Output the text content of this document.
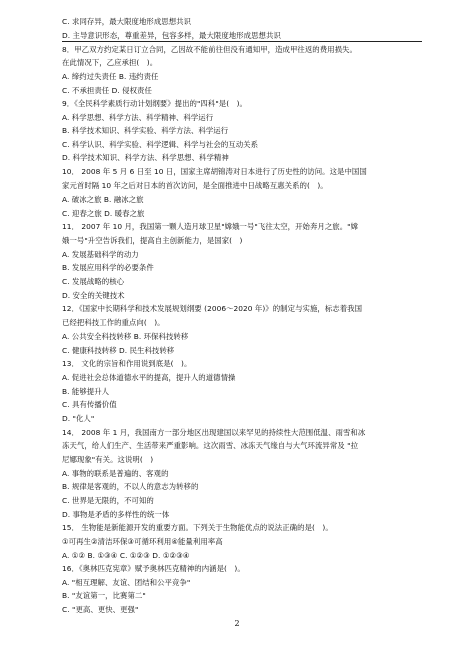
C. 求同存异，最大限度地形成思想共识
D. 主导意识形态，尊重差异，包容多样，最大限度地形成思想共识
8．甲乙双方约定某日订立合同，乙因故不能前往但没有通知甲，造成甲往返的费用损失。
在此情况下，乙应承担(　)。
A. 缔约过失责任 B. 违约责任
C. 不承担责任 D. 侵权责任
9．《全民科学素质行动计划纲要》提出的"四科"是(　)。
A. 科学思想、科学方法、科学精神、科学运行
B. 科学技术知识、科学实验、科学方法、科学运行
C. 科学认识、科学实验、科学逻辑、科学与社会的互动关系
D. 科学技术知识、科学方法、科学思想、科学精神
10． 2008 年 5 月 6 日至 10 日，国家主席胡锦涛对日本进行了历史性的访问。这是中国国
家元首时隔 10 年之后对日本的首次访问，是全面推进中日战略互惠关系的(　)。
A. 破冰之旅 B. 融冰之旅
C. 迎春之旅 D. 暖春之旅
11． 2007 年 10 月，我国第一颗人造月球卫星"嫦娥一号"飞往太空，开始奔月之旅。"嫦
娥一号"升空告诉我们，提高自主创新能力，是国家(　)
A. 发展基础科学的动力
B. 发展应用科学的必要条件
C. 发展战略的核心
D. 安全的关键技术
12．《国家中长期科学和技术发展规划纲要 (2006～2020 年)》的制定与实施，标志着我国
已经把科技工作的重点向(　)。
A. 公共安全科技转移 B. 环保科技转移
C. 健康科技转移 D. 民生科技转移
13． 文化的宗旨和作用说到底是(　)。
A. 促进社会总体道德水平的提高，提升人的道德情操
B. 能够提升人
C. 具有传播价值
D. "化人"
14． 2008 年 1 月，我国南方一部分地区出现建国以来罕见的持续性大范围低温、雨雪和冰
冻天气，给人们生产、生活带来严重影响。这次雨雪、冰冻天气缘自与大气环流异常及 "拉
尼娜现象"有关。这说明(　)
A. 事物的联系是普遍的、客观的
B. 规律是客观的，不以人的意志为转移的
C. 世界是无限的，不可知的
D. 事物是矛盾的多样性的统一体
15． 生物能是新能源开发的重要方面。下列关于生物能优点的说法正确的是(　)。
①可再生②清洁环保③可循环利用④能量利用率高
A. ①② B. ①③④ C. ①②③ D. ①②③④
16．《奥林匹克宪章》赋予奥林匹克精神的内涵是(　)。
A. "相互理解、友谊、团结和公平竞争"
B. "友谊第一，比赛第二"
C. "更高、更快、更强"
2
